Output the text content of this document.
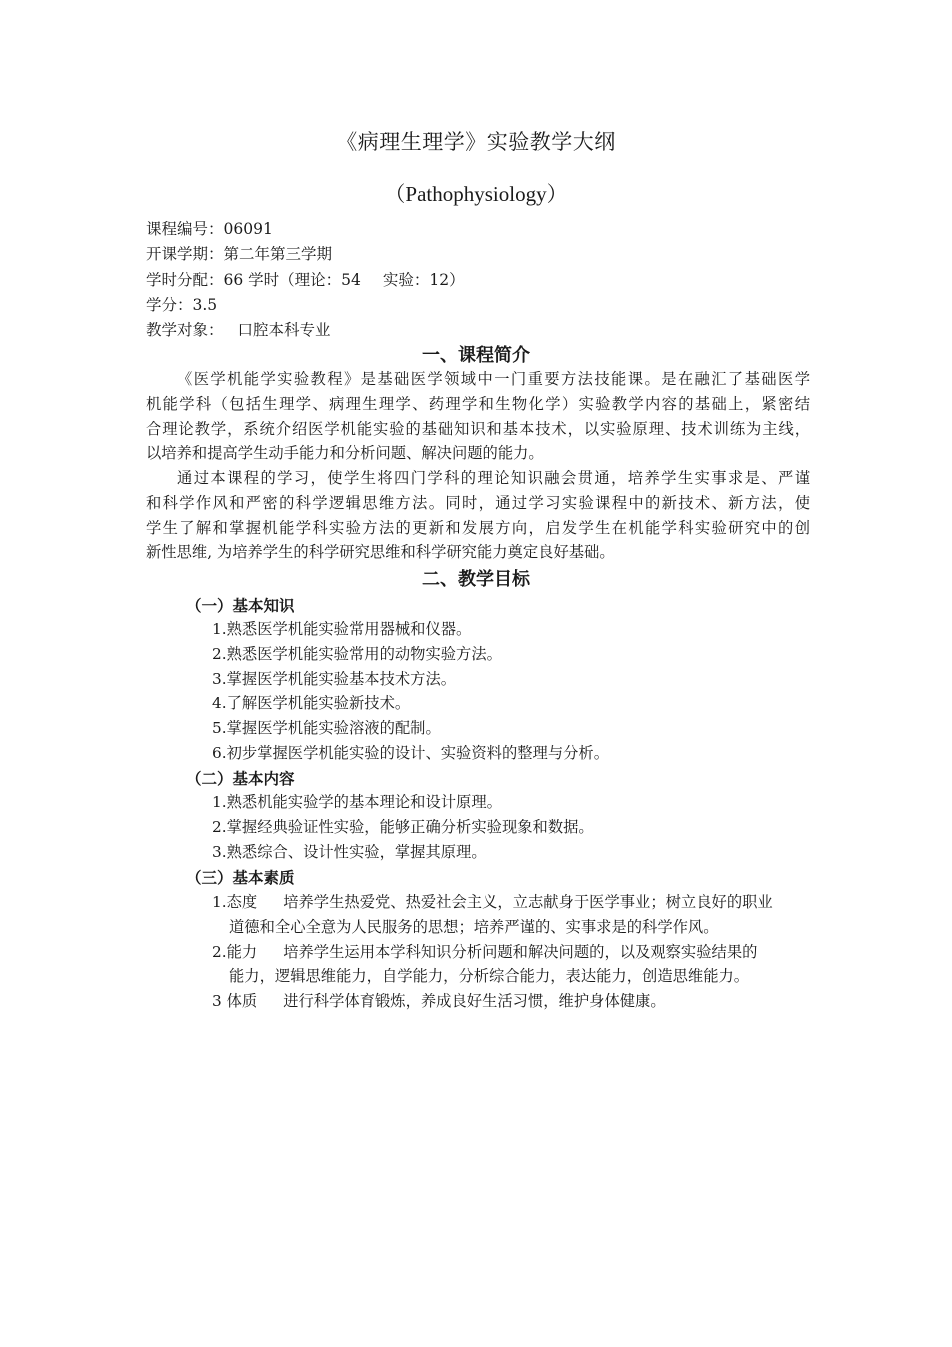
《病理生理学》实验教学大纲
（Pathophysiology）
课程编号：06091
开课学期：第二年第三学期
学时分配：66 学时（理论：54 实验：12）
学分：3.5
教学对象： 口腔本科专业
一、课程简介
《医学机能学实验教程》是基础医学领域中一门重要方法技能课。是在融汇了基础医学
机能学科（包括生理学、病理生理学、药理学和生物化学）实验教学内容的基础上，紧密结
合理论教学，系统介绍医学机能实验的基础知识和基本技术，以实验原理、技术训练为主线，
以培养和提高学生动手能力和分析问题、解决问题的能力。
通过本课程的学习，使学生将四门学科的理论知识融会贯通，培养学生实事求是、严谨
和科学作风和严密的科学逻辑思维方法。同时，通过学习实验课程中的新技术、新方法，使
学生了解和掌握机能学科实验方法的更新和发展方向，启发学生在机能学科实验研究中的创
新性思维, 为培养学生的科学研究思维和科学研究能力奠定良好基础。
二、教学目标
（一）基本知识
1.熟悉医学机能实验常用器械和仪器。
2.熟悉医学机能实验常用的动物实验方法。
3.掌握医学机能实验基本技术方法。
4.了解医学机能实验新技术。
5.掌握医学机能实验溶液的配制。
6.初步掌握医学机能实验的设计、实验资料的整理与分析。
（二）基本内容
1.熟悉机能实验学的基本理论和设计原理。
2.掌握经典验证性实验，能够正确分析实验现象和数据。
3.熟悉综合、设计性实验，掌握其原理。
（三）基本素质
1.态度 培养学生热爱党、热爱社会主义，立志献身于医学事业；树立良好的职业
道德和全心全意为人民服务的思想；培养严谨的、实事求是的科学作风。
2.能力 培养学生运用本学科知识分析问题和解决问题的，以及观察实验结果的
能力，逻辑思维能力，自学能力，分析综合能力，表达能力，创造思维能力。
3 体质 进行科学体育锻炼，养成良好生活习惯，维护身体健康。
